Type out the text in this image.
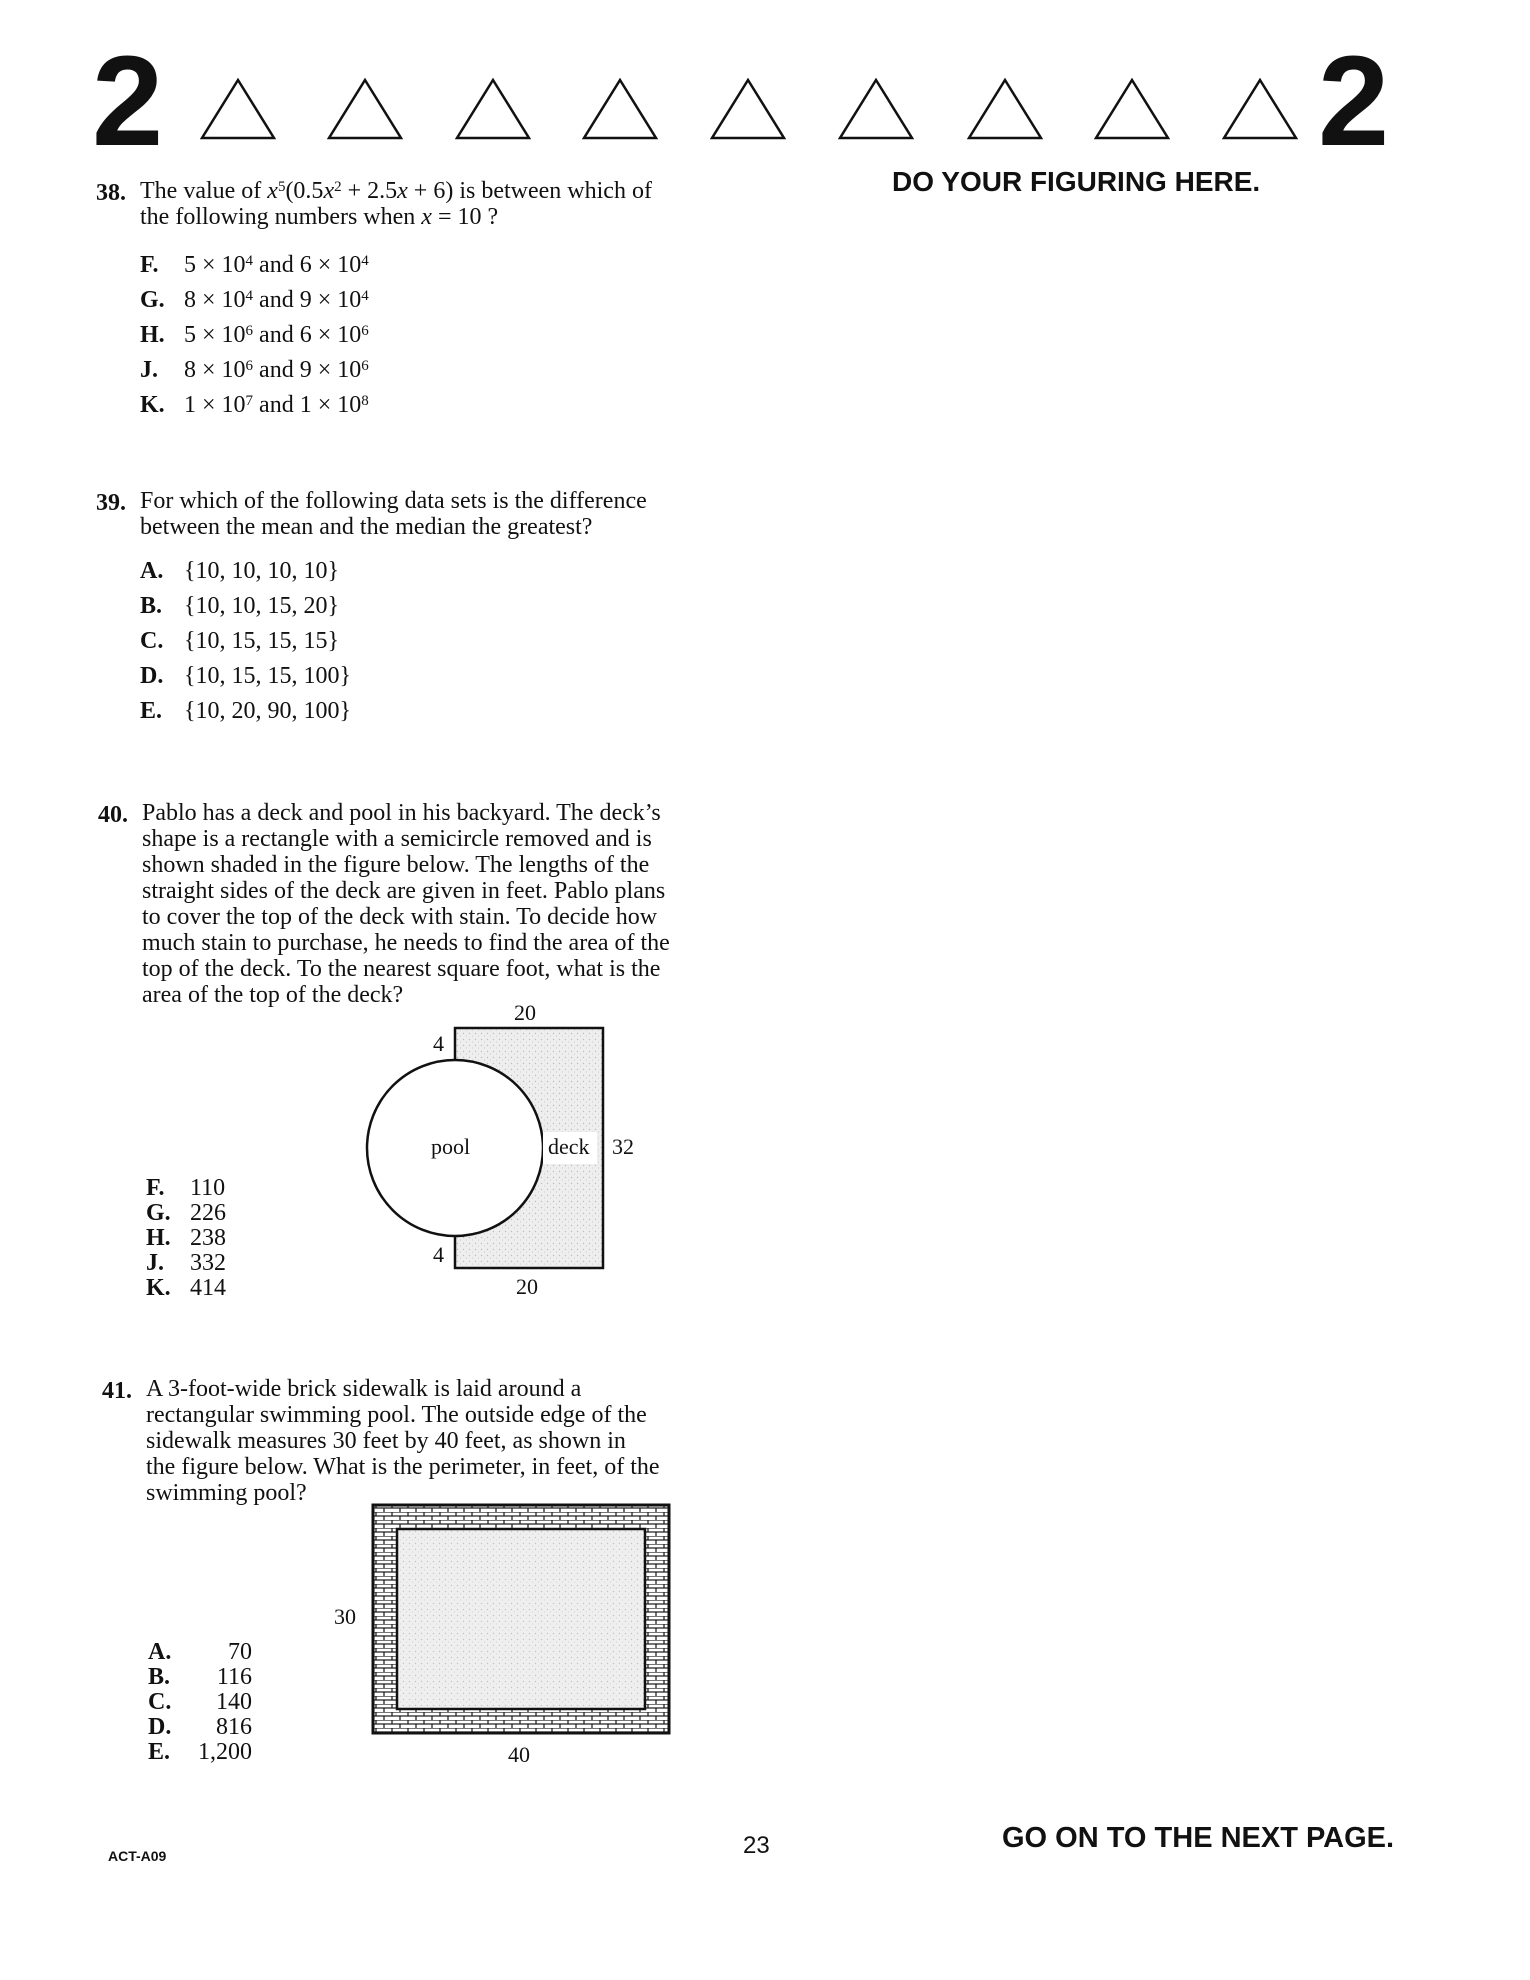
2	2
DO YOUR FIGURING HERE.
38. The value of $x^5(0.5x^2 + 2.5x + 6)$ is between which of
the following numbers when x = 10 ?
F. $5 \times 10^4$ and $6 \times 10^4$
G. $8 \times 10^4$ and $9 \times 10^4$
H. $5 \times 10^6$ and $6 \times 10^6$
J. $8 \times 10^6$ and $9 \times 10^6$
K. $1 \times 10^7$ and $1 \times 10^8$
39. For which of the following data sets is the difference
between the mean and the median the greatest?
A. {10, 10, 10, 10}
B. {10, 10, 15, 20}
C. {10, 15, 15, 15}
D. {10, 15, 15, 100}
E. {10, 20, 90, 100}
40. Pablo has a deck and pool in his backyard. The deck’s
shape is a rectangle with a semicircle removed and is
shown shaded in the figure below. The lengths of the
straight sides of the deck are given in feet. Pablo plans
to cover the top of the deck with stain. To decide how
much stain to purchase, he needs to find the area of the
top of the deck. To the nearest square foot, what is the
area of the top of the deck?
20
4
pool	deck 32
4
20
F. 110
G. 226
H. 238
J. 332
K. 414
41. A 3-foot-wide brick sidewalk is laid around a
rectangular swimming pool. The outside edge of the
sidewalk measures 30 feet by 40 feet, as shown in
the figure below. What is the perimeter, in feet, of the
swimming pool?
30
40
A. 70
B. 116
C. 140
D. 816
E. 1,200
ACT-A09	23	GO ON TO THE NEXT PAGE.
